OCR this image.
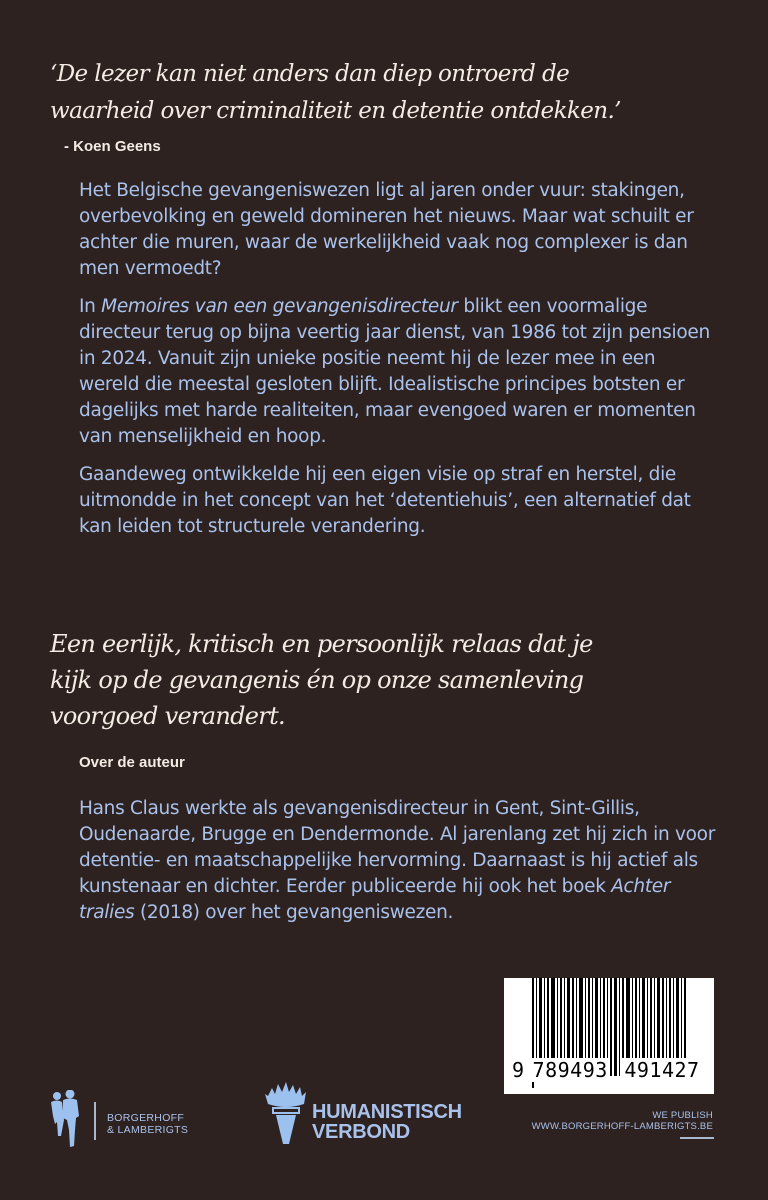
‘De lezer kan niet anders dan diep ontroerd de
waarheid over criminaliteit en detentie ontdekken.’
- Koen Geens

Het Belgische gevangeniswezen ligt al jaren onder vuur: stakingen, overbevolking en geweld domineren het nieuws. Maar wat schuilt er achter die muren, waar de werkelijkheid vaak nog complexer is dan men vermoedt?

In Memoires van een gevangenisdirecteur blikt een voormalige directeur terug op bijna veertig jaar dienst, van 1986 tot zijn pensioen in 2024. Vanuit zijn unieke positie neemt hij de lezer mee in een wereld die meestal gesloten blijft. Idealistische principes botsten er dagelijks met harde realiteiten, maar evengoed waren er momenten van menselijkheid en hoop.

Gaandeweg ontwikkelde hij een eigen visie op straf en herstel, die uitmondde in het concept van het ‘detentiehuis’, een alternatief dat kan leiden tot structurele verandering.

Een eerlijk, kritisch en persoonlijk relaas dat je
kijk op de gevangenis én op onze samenleving
voorgoed verandert.
Over de auteur

Hans Claus werkte als gevangenisdirecteur in Gent, Sint-Gillis, Oudenaarde, Brugge en Dendermonde. Al jarenlang zet hij zich in voor detentie- en maatschappelijke hervorming. Daarnaast is hij actief als kunstenaar en dichter. Eerder publiceerde hij ook het boek Achter tralies (2018) over het gevangeniswezen.

9 789493 491427
BORGERHOFF
& LAMBERIGTS
HUMANISTISCH
VERBOND
WE PUBLISH
WWW.BORGERHOFF-LAMBERIGTS.BE
